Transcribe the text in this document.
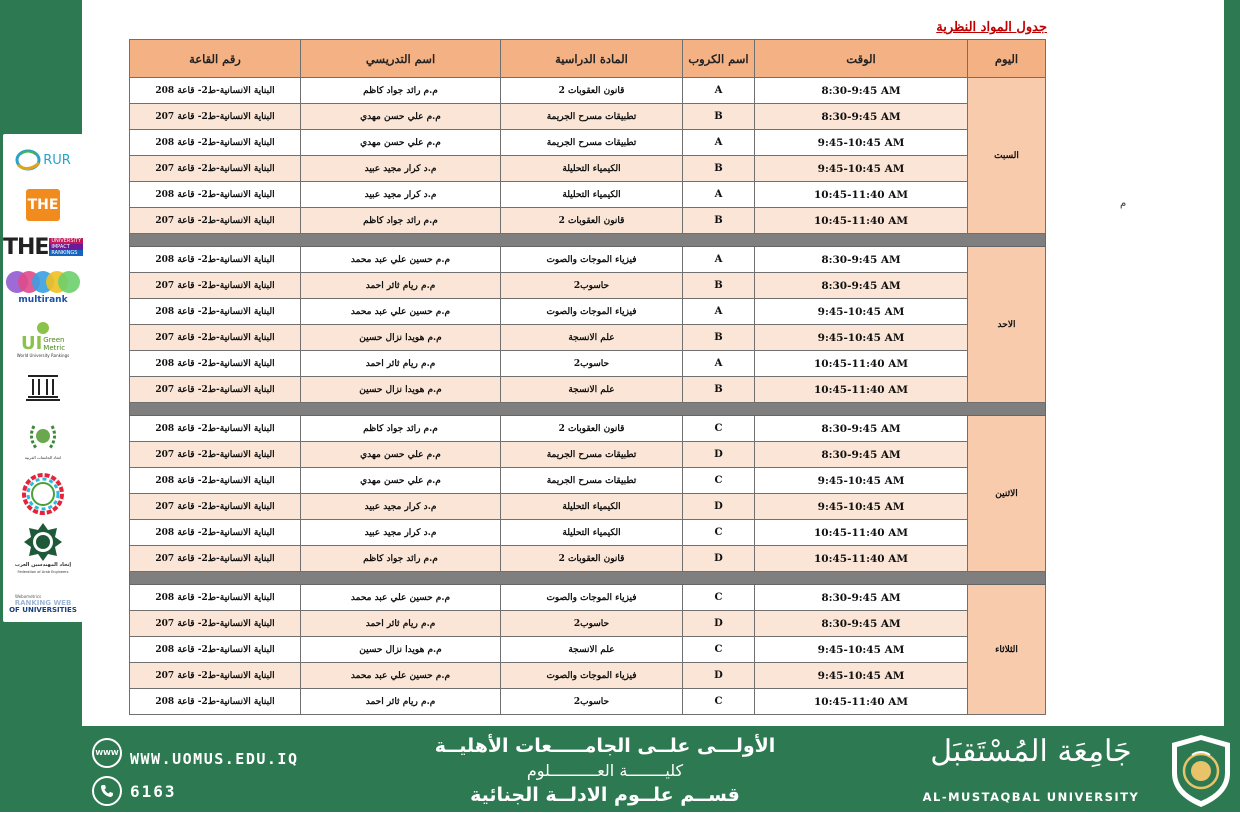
RUR
THE
THE UNIVERSITY
IMPACT
RANKINGS
multirank
UI Green
Metric
World University Rankings
اتحاد الجامعات العربية
إتحاد المهندسين العرب
Federation of Arab Engineers
Webometrics
RANKING WEB
OF UNIVERSITIES
جدول المواد النظرية
م
رقم القاعة	اسم التدريسي	المادة الدراسية	اسم الكروب	الوقت	اليوم
البناية الانسانية-ط2- قاعة 208	م.م رائد جواد كاظم	قانون العقوبات 2	A	8:30-9:45 AM	السبت
البناية الانسانية-ط2- قاعة 207	م.م علي حسن مهدي	تطبيقات مسرح الجريمة	B	8:30-9:45 AM	
البناية الانسانية-ط2- قاعة 208	م.م علي حسن مهدي	تطبيقات مسرح الجريمة	A	9:45-10:45 AM	
البناية الانسانية-ط2- قاعة 207	م.د كرار مجيد عبيد	الكيمياء التحليلة	B	9:45-10:45 AM	
البناية الانسانية-ط2- قاعة 208	م.د كرار مجيد عبيد	الكيمياء التحليلة	A	10:45-11:40 AM	
البناية الانسانية-ط2- قاعة 207	م.م رائد جواد كاظم	قانون العقوبات 2	B	10:45-11:40 AM	

البناية الانسانية-ط2- قاعة 208	م.م حسين علي عبد محمد	فيزياء الموجات والصوت	A	8:30-9:45 AM	الاحد
البناية الانسانية-ط2- قاعة 207	م.م ريام ثائر احمد	حاسوب2	B	8:30-9:45 AM	
البناية الانسانية-ط2- قاعة 208	م.م حسين علي عبد محمد	فيزياء الموجات والصوت	A	9:45-10:45 AM	
البناية الانسانية-ط2- قاعة 207	م.م هويدا نزال حسين	علم الانسجة	B	9:45-10:45 AM	
البناية الانسانية-ط2- قاعة 208	م.م ريام ثائر احمد	حاسوب2	A	10:45-11:40 AM	
البناية الانسانية-ط2- قاعة 207	م.م هويدا نزال حسين	علم الانسجة	B	10:45-11:40 AM	

البناية الانسانية-ط2- قاعة 208	م.م رائد جواد كاظم	قانون العقوبات 2	C	8:30-9:45 AM	الاثنين
البناية الانسانية-ط2- قاعة 207	م.م علي حسن مهدي	تطبيقات مسرح الجريمة	D	8:30-9:45 AM	
البناية الانسانية-ط2- قاعة 208	م.م علي حسن مهدي	تطبيقات مسرح الجريمة	C	9:45-10:45 AM	
البناية الانسانية-ط2- قاعة 207	م.د كرار مجيد عبيد	الكيمياء التحليلة	D	9:45-10:45 AM	
البناية الانسانية-ط2- قاعة 208	م.د كرار مجيد عبيد	الكيمياء التحليلة	C	10:45-11:40 AM	
البناية الانسانية-ط2- قاعة 207	م.م رائد جواد كاظم	قانون العقوبات 2	D	10:45-11:40 AM	

البناية الانسانية-ط2- قاعة 208	م.م حسين علي عبد محمد	فيزياء الموجات والصوت	C	8:30-9:45 AM	الثلاثاء
البناية الانسانية-ط2- قاعة 207	م.م ريام ثائر احمد	حاسوب2	D	8:30-9:45 AM	
البناية الانسانية-ط2- قاعة 208	م.م هويدا نزال حسين	علم الانسجة	C	9:45-10:45 AM	
البناية الانسانية-ط2- قاعة 207	م.م حسين علي عبد محمد	فيزياء الموجات والصوت	D	9:45-10:45 AM	
البناية الانسانية-ط2- قاعة 208	م.م ريام ثائر احمد	حاسوب2	C	10:45-11:40 AM	
WWW WWW.UOMUS.EDU.IQ
6163
الأولـــى علــى الجامـــــعات الأهليــة
كليــــــــة العــــــــــلوم
قســم علــوم الادلــة الجنائية
جَامِعَة المُسْتَقبَل
AL-MUSTAQBAL UNIVERSITY
